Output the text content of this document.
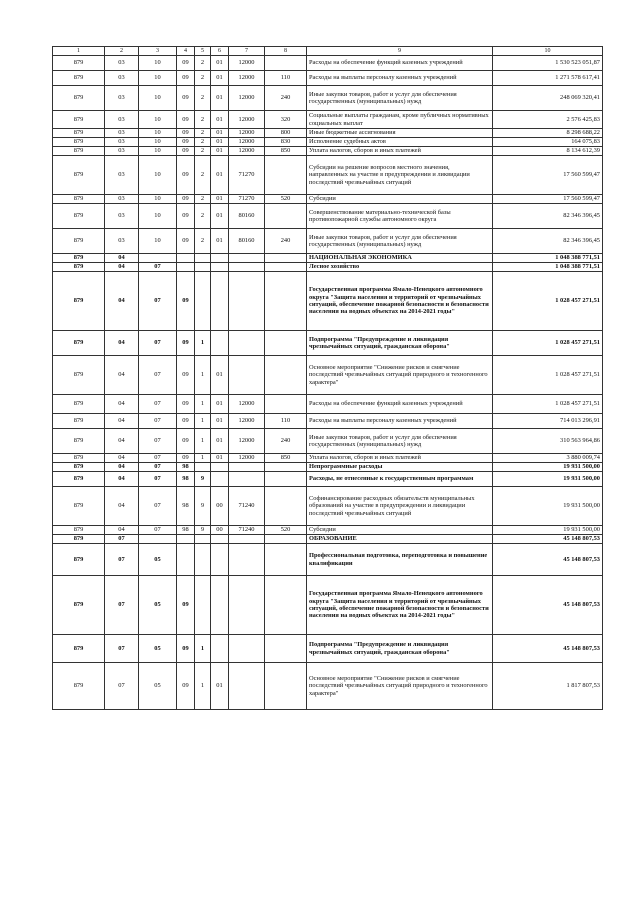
1	2	3	4	5	6	7	8	9	10
879	03	10	09	2	01	12000		Расходы на обеспечение функций казенных учреждений	1 530 523 051,87
879	03	10	09	2	01	12000	110	Расходы на выплаты персоналу казенных учреждений	1 271 578 617,41
879	03	10	09	2	01	12000	240	Иные закупки товаров, работ и услуг для обеспечения государственных (муниципальных) нужд	248 069 320,41
879	03	10	09	2	01	12000	320	Социальные выплаты гражданам, кроме публичных нормативных социальных выплат	2 576 425,83
879	03	10	09	2	01	12000	800	Иные бюджетные ассигнования	8 298 688,22
879	03	10	09	2	01	12000	830	Исполнение судебных актов	164 075,83
879	03	10	09	2	01	12000	850	Уплата налогов, сборов и иных платежей	8 134 612,39
879	03	10	09	2	01	71270		Субсидии на решение вопросов местного значения, направленных на участие в предупреждении и ликвидации последствий чрезвычайных ситуаций	17 560 599,47
879	03	10	09	2	01	71270	520	Субсидии	17 560 599,47
879	03	10	09	2	01	80160		Совершенствование материально-технической базы противопожарной службы автономного округа	82 346 396,45
879	03	10	09	2	01	80160	240	Иные закупки товаров, работ и услуг для обеспечения государственных (муниципальных) нужд	82 346 396,45
879	04							НАЦИОНАЛЬНАЯ ЭКОНОМИКА	1 048 388 771,51
879	04	07						Лесное хозяйство	1 048 388 771,51
879	04	07	09					Государственная программа Ямало-Ненецкого автономного округа "Защита населения и территорий от чрезвычайных ситуаций, обеспечение пожарной безопасности и безопасности населения на водных объектах на 2014-2021 годы"	1 028 457 271,51
879	04	07	09	1				Подпрограмма "Предупреждение и ликвидация чрезвычайных ситуаций, гражданская оборона"	1 028 457 271,51
879	04	07	09	1	01			Основное мероприятие "Снижение рисков и смягчение последствий чрезвычайных ситуаций природного и техногенного характера"	1 028 457 271,51
879	04	07	09	1	01	12000		Расходы на обеспечение функций казенных учреждений	1 028 457 271,51
879	04	07	09	1	01	12000	110	Расходы на выплаты персоналу казенных учреждений	714 013 296,91
879	04	07	09	1	01	12000	240	Иные закупки товаров, работ и услуг для обеспечения государственных (муниципальных) нужд	310 563 964,86
879	04	07	09	1	01	12000	850	Уплата налогов, сборов и иных платежей	3 880 009,74
879	04	07	98					Непрограммные расходы	19 931 500,00
879	04	07	98	9				Расходы, не отнесенные к государственным программам	19 931 500,00
879	04	07	98	9	00	71240		Софинансирование расходных обязательств муниципальных образований на участие в предупреждении и ликвидации последствий чрезвычайных ситуаций	19 931 500,00
879	04	07	98	9	00	71240	520	Субсидии	19 931 500,00
879	07							ОБРАЗОВАНИЕ	45 148 807,53
879	07	05						Профессиональная подготовка, переподготовка и повышение квалификации	45 148 807,53
879	07	05	09					Государственная программа Ямало-Ненецкого автономного округа "Защита населения и территорий от чрезвычайных ситуаций, обеспечение пожарной безопасности и безопасности населения на водных объектах на 2014-2021 годы"	45 148 807,53
879	07	05	09	1				Подпрограмма "Предупреждение и ликвидация чрезвычайных ситуаций, гражданская оборона"	45 148 807,53
879	07	05	09	1	01			Основное мероприятие "Снижение рисков и смягчение последствий чрезвычайных ситуаций природного и техногенного характера"	1 817 807,53
